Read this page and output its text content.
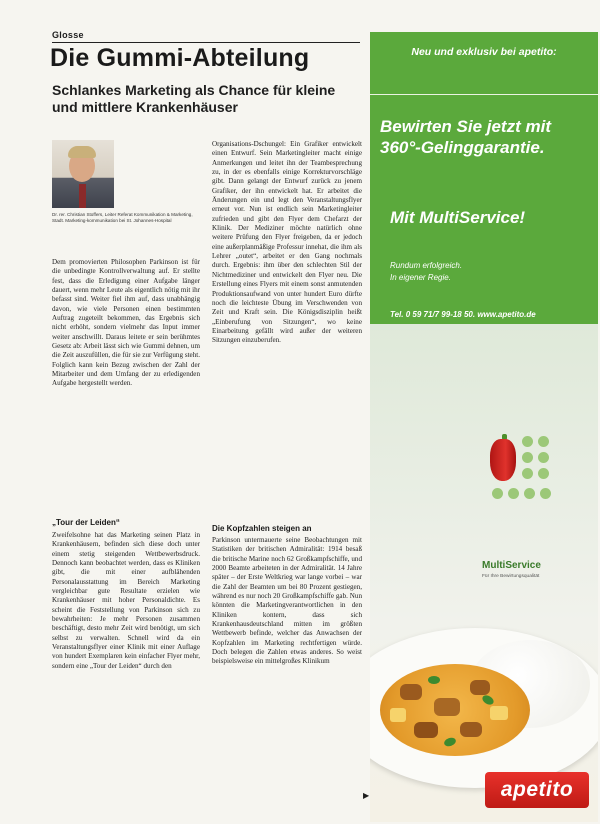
Glosse
Die Gummi-Abteilung
Schlankes Marketing als Chance für kleine und mittlere Krankenhäuser
Dr. rer. Christian Stoffers, Leiter Referat Kommunikation & Marketing, Stadt. Marketing-kommunikation bei St. Johannes-Hospital
Dem promovierten Philosophen Parkinson ist für die unbedingte Kontrollverwaltung auf. Er stellte fest, dass die Erledigung einer Aufgabe länger dauert, wenn mehr Leute als eigentlich nötig mit ihr befasst sind. Weiter fiel ihm auf, dass unabhängig davon, wie viele Personen einen bestimmten Auftrag zugeteilt bekommen, das Ergebnis sich nicht erhöht, sondern vielmehr das Input immer weiter anschwillt. Daraus leitete er sein berühmtes Gesetz ab: Arbeit lässt sich wie Gummi dehnen, um die Zeit auszufüllen, die für sie zur Verfügung steht. Folglich kann kein Bezug zwischen der Zahl der Mitarbeiter und dem Umfang der zu erledigenden Aufgabe hergestellt werden.
„Tour der Leiden“
Zweifelsohne hat das Marketing seinen Platz in Krankenhäusern, befinden sich diese doch unter einem stetig steigenden Wettbewerbsdruck. Dennoch kann beobachtet werden, dass es Kliniken gibt, die mit einer aufblähenden Personalausstattung im Bereich Marketing vergleichbar gute Resultate erzielen wie Krankenhäuser mit hoher Personaldichte. Es scheint die Feststellung von Parkinson sich zu bewahrheiten: Je mehr Personen zusammen beschäftigt, desto mehr Zeit wird benötigt, um sich selbst zu verwalten. Schnell wird da ein Veranstaltungsflyer einer Klinik mit einer Auflage von hundert Exemplaren kein einfacher Flyer mehr, sondern eine „Tour der Leiden“ durch den
Organisations-Dschungel: Ein Grafiker entwickelt einen Entwurf. Sein Marketingleiter macht einige Anmerkungen und leitet ihn der Teambesprechung zu, in der es ebenfalls einige Korrekturvorschläge gibt. Dann gelangt der Entwurf zurück zu jenem Grafiker, der ihn entwickelt hat. Er arbeitet die Änderungen ein und legt den Veranstaltungsflyer erneut vor. Nun ist endlich sein Marketingleiter zufrieden und gibt den Flyer dem Chefarzt der Klinik. Der Mediziner möchte natürlich ohne weitere Prüfung den Flyer freigeben, da er jedoch eine außerplanmäßige Professur innehat, die ihm als Lehrer „outet“, arbeitet er den Gang nochmals durch. Ergebnis: ihm über den schlechten Stil der Nichtmediziner und entwickelt den Flyer neu. Die Erstellung eines Flyers mit einem sonst anmutenden Produktionsaufwand von unter hundert Euro dürfte noch die leichteste Übung im Verschwenden von Zeit und Kraft sein. Die Königsdisziplin heißt „Einberufung von Sitzungen“, wo keine Einarbeitung gefällt wird außer der weiteren Sitzungen einzuberufen.
Die Kopfzahlen steigen an
Parkinson untermauerte seine Beobachtungen mit Statistiken der britischen Admiralität: 1914 besaß die britische Marine noch 62 Großkampfschiffe, und 2000 Beamte arbeiteten in der Admiralität. 14 Jahre später – der Erste Weltkrieg war lange vorbei – war die Zahl der Beamten um bei 80 Prozent gestiegen, während es nur noch 20 Großkampfschiffe gab. Nun könnten die Marketingverantwortlichen in den Kliniken kontern, dass sich Krankenhausdeutschland mitten im größten Wettbewerb befinde, welcher das Anwachsen der Kopfzahlen im Marketing rechtfertigen würde. Doch belegen die Zahlen etwas anderes. So weist beispielsweise ein mittelgroßes Klinikum
▶
Neu und exklusiv bei apetito:
Bewirten Sie jetzt mit 360°-Gelinggarantie.
Mit MultiService!
Rundum erfolgreich.
In eigener Regie.
Tel. 0 59 71/7 99-18 50. www.apetito.de
MultiService
Für Ihre Bewirtungsqualität
apetito
